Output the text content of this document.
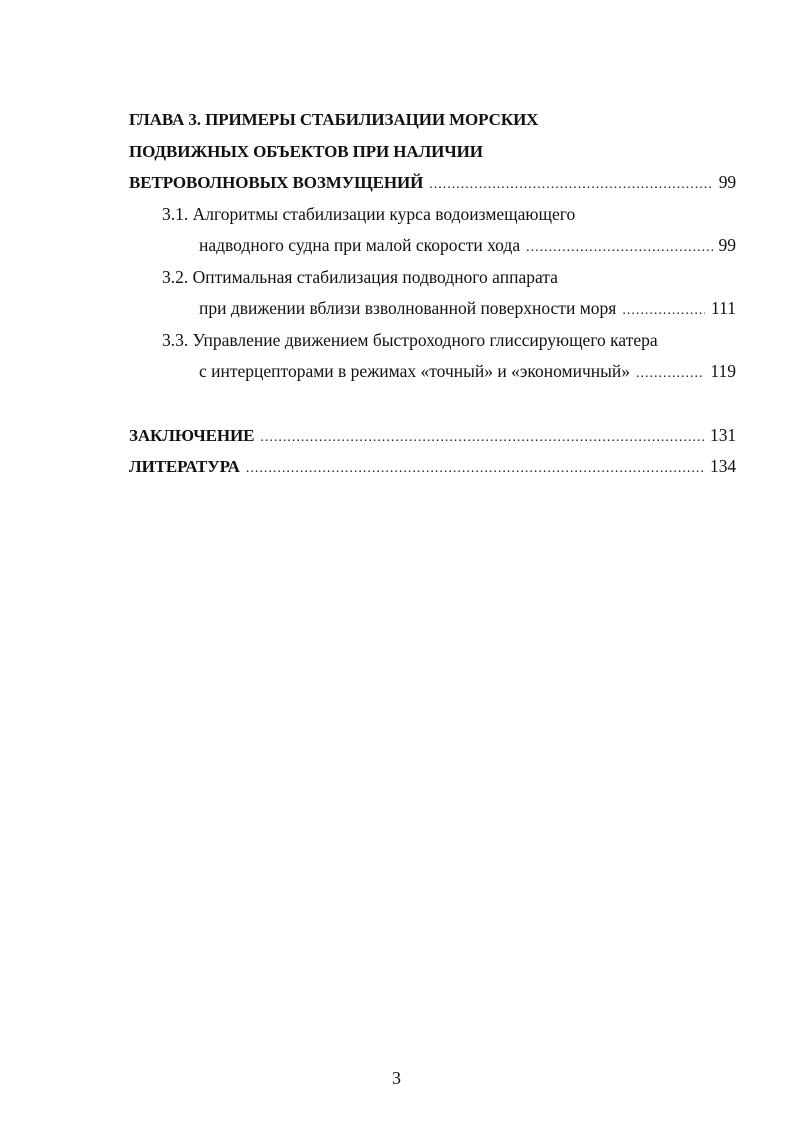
ГЛАВА 3. ПРИМЕРЫ СТАБИЛИЗАЦИИ МОРСКИХ
ПОДВИЖНЫХ ОБЪЕКТОВ ПРИ НАЛИЧИИ
ВЕТРОВОЛНОВЫХ ВОЗМУЩЕНИЙ .....	99
3.1. Алгоритмы стабилизации курса водоизмещающего
надводного судна при малой скорости хода .....	99
3.2. Оптимальная стабилизация подводного аппарата
при движении вблизи взволнованной поверхности моря .....	111
3.3. Управление движением быстроходного глиссирующего катера
с интерцепторами в режимах «точный» и «экономичный» .....	119
ЗАКЛЮЧЕНИЕ .....	131
ЛИТЕРАТУРА .....	134
3
